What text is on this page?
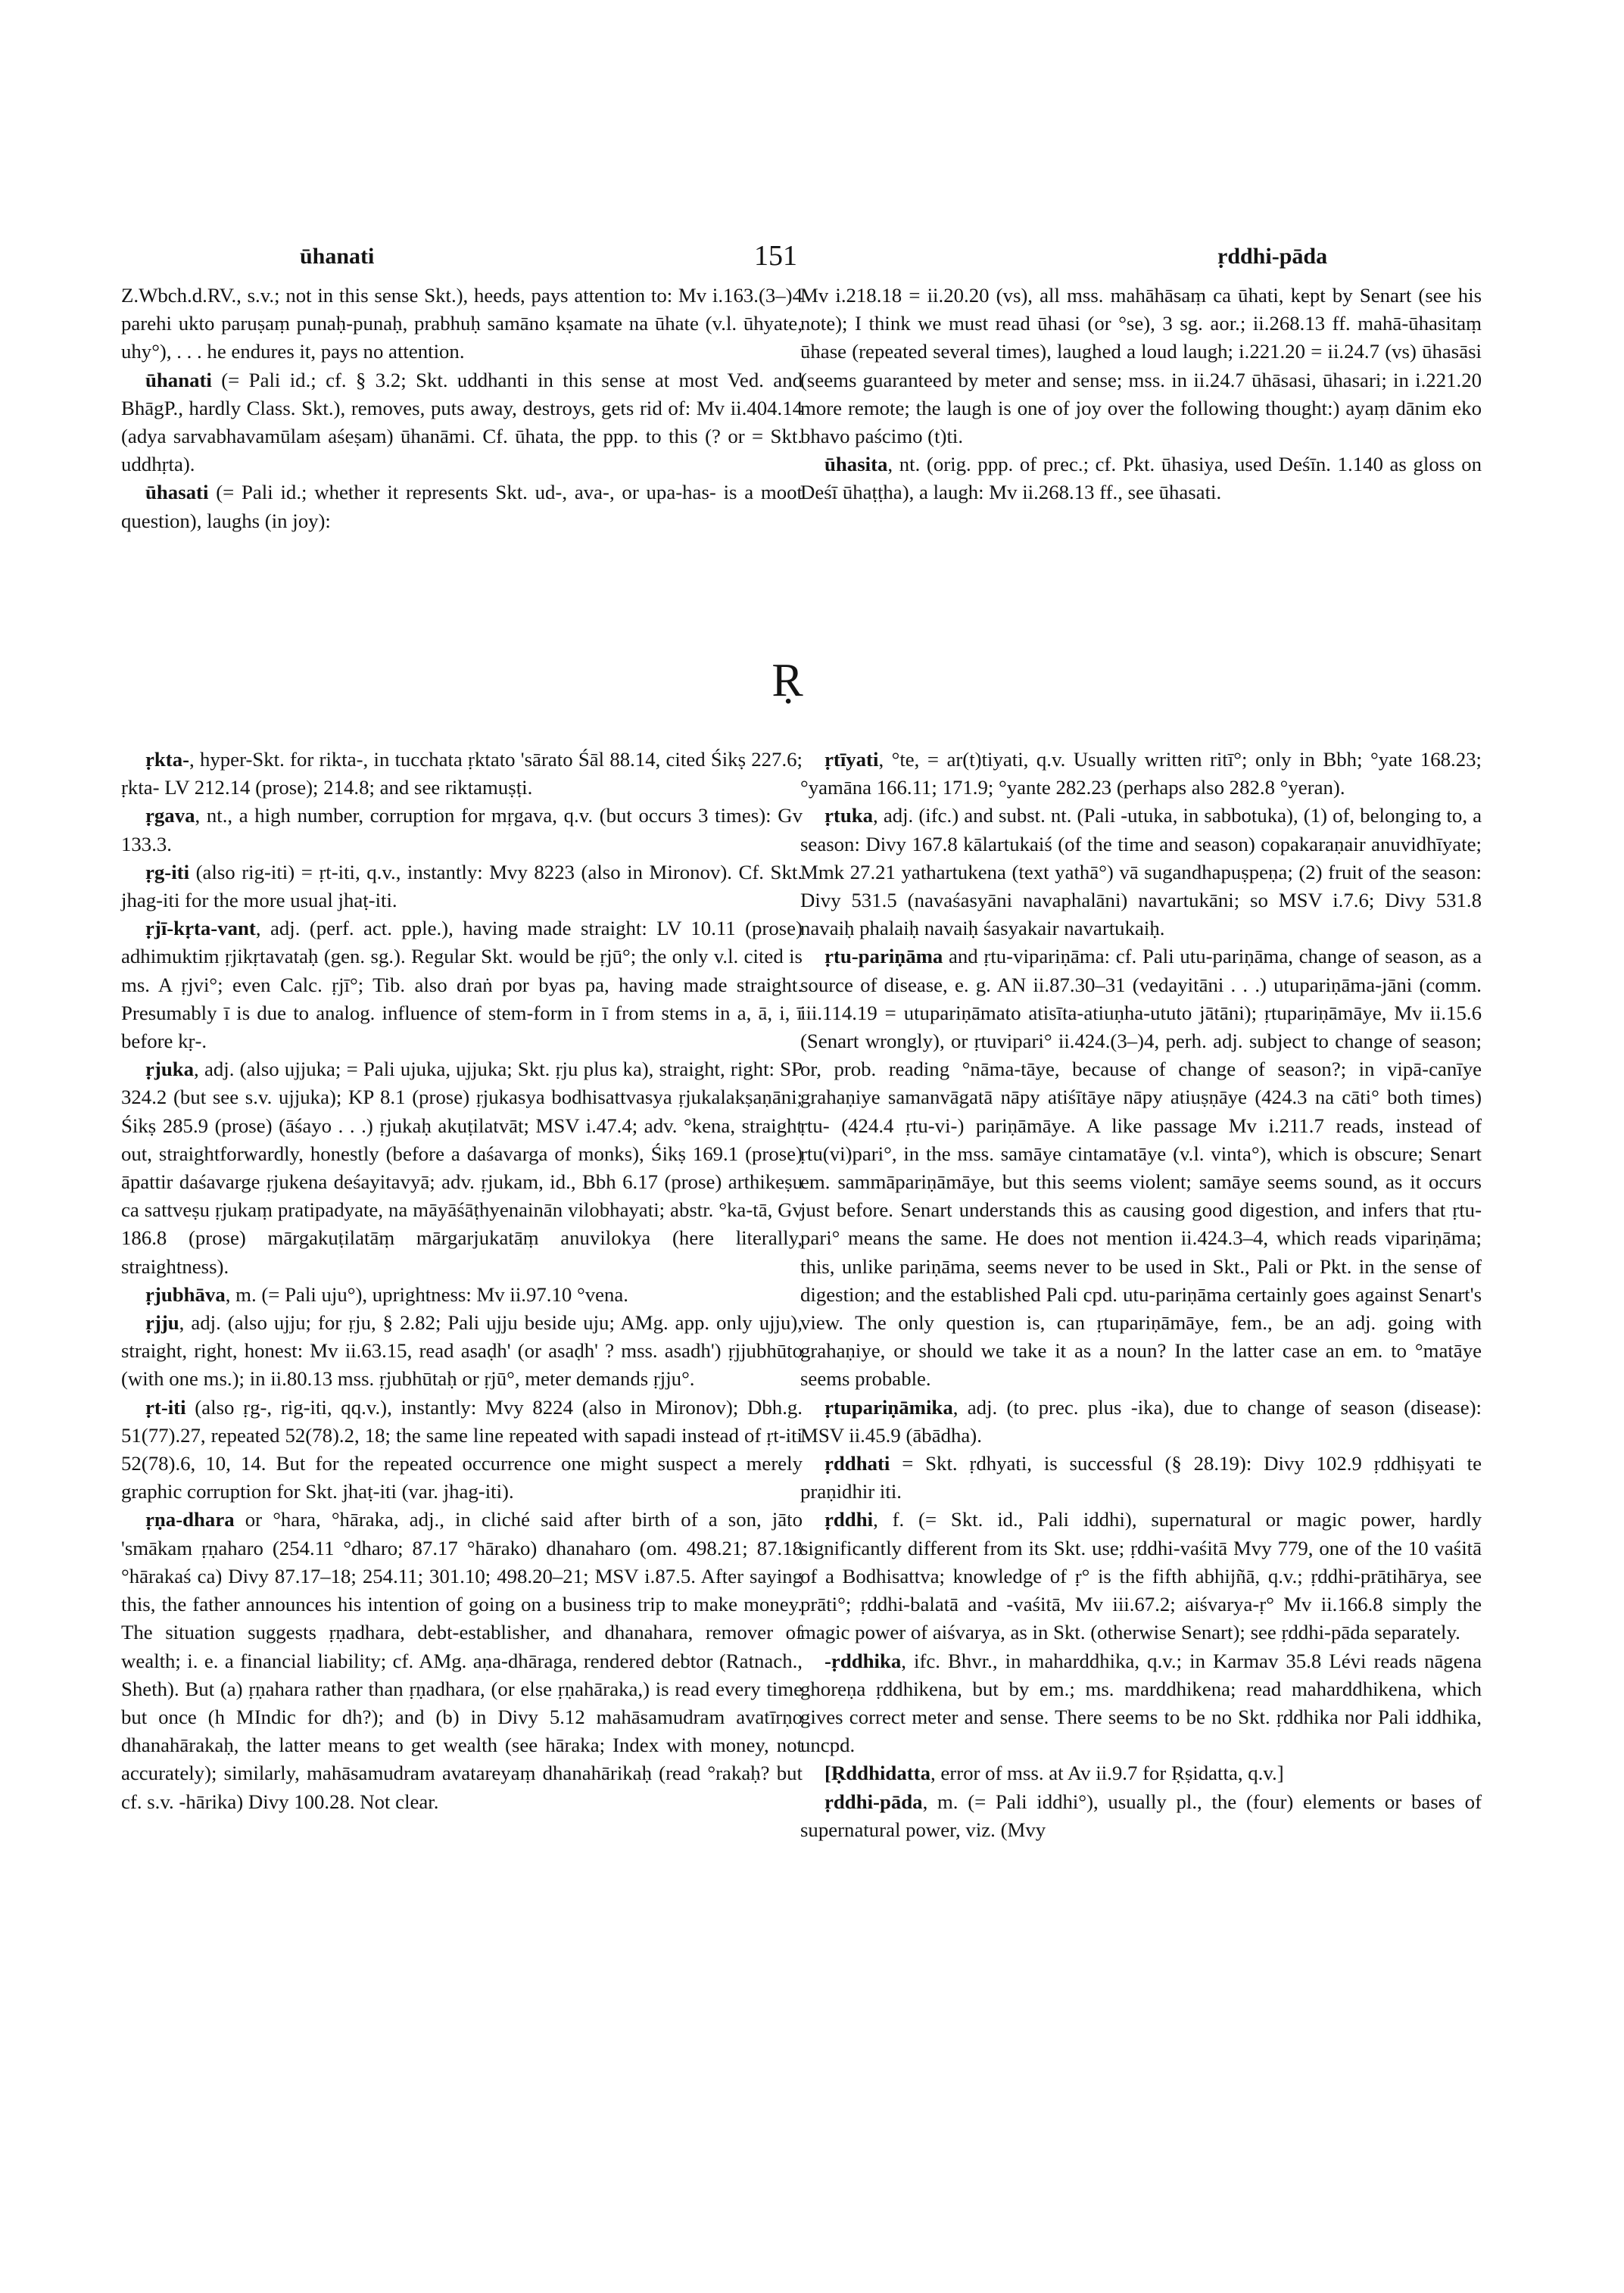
ūhanati	151	ṛddhi-pāda

Z.Wbch.d.RV., s.v.; not in this sense Skt.), heeds, pays attention to: Mv i.163.(3–)4 parehi ukto paruṣaṃ punaḥ-punaḥ, prabhuḥ samāno kṣamate na ūhate (v.l. ūhyate, uhy°), . . . he endures it, pays no attention.

ūhanati (= Pali id.; cf. § 3.2; Skt. uddhanti in this sense at most Ved. and BhāgP., hardly Class. Skt.), removes, puts away, destroys, gets rid of: Mv ii.404.14 (adya sarvabhavamūlam aśeṣam) ūhanāmi. Cf. ūhata, the ppp. to this (? or = Skt. uddhṛta).

ūhasati (= Pali id.; whether it represents Skt. ud-, ava-, or upa-has- is a moot question), laughs (in joy):

Mv i.218.18 = ii.20.20 (vs), all mss. mahāhāsaṃ ca ūhati, kept by Senart (see his note); I think we must read ūhasi (or °se), 3 sg. aor.; ii.268.13 ff. mahā-ūhasitaṃ ūhase (repeated several times), laughed a loud laugh; i.221.20 = ii.24.7 (vs) ūhasāsi (seems guaranteed by meter and sense; mss. in ii.24.7 ūhāsasi, ūhasari; in i.221.20 more remote; the laugh is one of joy over the following thought:) ayaṃ dānim eko bhavo paścimo (t)ti.

ūhasita, nt. (orig. ppp. of prec.; cf. Pkt. ūhasiya, used Deśīn. 1.140 as gloss on Deśī ūhaṭṭha), a laugh: Mv ii.268.13 ff., see ūhasati.

Ṛ

ṛkta-, hyper-Skt. for rikta-, in tucchata ṛktato 'sārato Śāl 88.14, cited Śikṣ 227.6; ṛkta- LV 212.14 (prose); 214.8; and see riktamuṣṭi.

ṛgava, nt., a high number, corruption for mṛgava, q.v. (but occurs 3 times): Gv 133.3.

ṛg-iti (also rig-iti) = ṛt-iti, q.v., instantly: Mvy 8223 (also in Mironov). Cf. Skt. jhag-iti for the more usual jhaṭ-iti.

ṛjī-kṛta-vant, adj. (perf. act. pple.), having made straight: LV 10.11 (prose) adhimuktim ṛjikṛtavataḥ (gen. sg.). Regular Skt. would be ṛjū°; the only v.l. cited is ms. A ṛjvi°; even Calc. ṛjī°; Tib. also draṅ por byas pa, having made straight. Presumably ī is due to analog. influence of stem-form in ī from stems in a, ā, i, ī before kṛ-.

ṛjuka, adj. (also ujjuka; = Pali ujuka, ujjuka; Skt. ṛju plus ka), straight, right: SP 324.2 (but see s.v. ujjuka); KP 8.1 (prose) ṛjukasya bodhisattvasya ṛjukalakṣaṇāni; Śikṣ 285.9 (prose) (āśayo . . .) ṛjukaḥ akuṭilatvāt; MSV i.47.4; adv. °kena, straight out, straightforwardly, honestly (before a daśavarga of monks), Śikṣ 169.1 (prose) āpattir daśavarge ṛjukena deśayitavyā; adv. ṛjukam, id., Bbh 6.17 (prose) arthikeṣu ca sattveṣu ṛjukaṃ pratipadyate, na māyāśāṭhyenainān vilobhayati; abstr. °ka-tā, Gv 186.8 (prose) mārgakuṭilatāṃ mārgarjukatāṃ anuvilokya (here literally, straightness).

ṛjubhāva, m. (= Pali uju°), uprightness: Mv ii.97.10 °vena.

ṛjju, adj. (also ujju; for ṛju, § 2.82; Pali ujju beside uju; AMg. app. only ujju), straight, right, honest: Mv ii.63.15, read asaḍh' (or asaḍh' ? mss. asadh') ṛjjubhūto (with one ms.); in ii.80.13 mss. ṛjubhūtaḥ or ṛjū°, meter demands ṛjju°.

ṛt-iti (also ṛg-, rig-iti, qq.v.), instantly: Mvy 8224 (also in Mironov); Dbh.g. 51(77).27, repeated 52(78).2, 18; the same line repeated with sapadi instead of ṛt-iti 52(78).6, 10, 14. But for the repeated occurrence one might suspect a merely graphic corruption for Skt. jhaṭ-iti (var. jhag-iti).

ṛṇa-dhara or °hara, °hāraka, adj., in cliché said after birth of a son, jāto 'smākam ṛṇaharo (254.11 °dharo; 87.17 °hārako) dhanaharo (om. 498.21; 87.18 °hārakaś ca) Divy 87.17–18; 254.11; 301.10; 498.20–21; MSV i.87.5. After saying this, the father announces his intention of going on a business trip to make money. The situation suggests ṛṇadhara, debt-establisher, and dhanahara, remover of wealth; i. e. a financial liability; cf. AMg. aṇa-dhāraga, rendered debtor (Ratnach., Sheth). But (a) ṛṇahara rather than ṛṇadhara, (or else ṛṇahāraka,) is read every time but once (h MIndic for dh?); and (b) in Divy 5.12 mahāsamudram avatīrṇo dhanahārakaḥ, the latter means to get wealth (see hāraka; Index with money, not accurately); similarly, mahāsamudram avatareyaṃ dhanahārikaḥ (read °rakaḥ? but cf. s.v. -hārika) Divy 100.28. Not clear.

ṛtīyati, °te, = ar(t)tiyati, q.v. Usually written ritī°; only in Bbh; °yate 168.23; °yamāna 166.11; 171.9; °yante 282.23 (perhaps also 282.8 °yeran).

ṛtuka, adj. (ifc.) and subst. nt. (Pali -utuka, in sabbotuka), (1) of, belonging to, a season: Divy 167.8 kālartukaiś (of the time and season) copakaraṇair anuvidhīyate; Mmk 27.21 yathartukena (text yathā°) vā sugandhapuṣpeṇa; (2) fruit of the season: Divy 531.5 (navaśasyāni navaphalāni) navartukāni; so MSV i.7.6; Divy 531.8 navaiḥ phalaiḥ navaiḥ śasyakair navartukaiḥ.

ṛtu-pariṇāma and ṛtu-vipariṇāma: cf. Pali utu-pariṇāma, change of season, as a source of disease, e. g. AN ii.87.30–31 (vedayitāni . . .) utupariṇāma-jāni (comm. iii.114.19 = utupariṇāmato atisīta-atiuṇha-ututo jātāni); ṛtupariṇāmāye, Mv ii.15.6 (Senart wrongly), or ṛtuvipari° ii.424.(3–)4, perh. adj. subject to change of season; or, prob. reading °nāma-tāye, because of change of season?; in vipā-canīye grahaṇiye samanvāgatā nāpy atiśītāye nāpy atiuṣṇāye (424.3 na cāti° both times) ṛtu- (424.4 ṛtu-vi-) pariṇāmāye. A like passage Mv i.211.7 reads, instead of ṛtu(vi)pari°, in the mss. samāye cintamatāye (v.l. vinta°), which is obscure; Senart em. sammāpariṇāmāye, but this seems violent; samāye seems sound, as it occurs just before. Senart understands this as causing good digestion, and infers that ṛtu-pari° means the same. He does not mention ii.424.3–4, which reads vipariṇāma; this, unlike pariṇāma, seems never to be used in Skt., Pali or Pkt. in the sense of digestion; and the established Pali cpd. utu-pariṇāma certainly goes against Senart's view. The only question is, can ṛtupariṇāmāye, fem., be an adj. going with grahaṇiye, or should we take it as a noun? In the latter case an em. to °matāye seems probable.

ṛtupariṇāmika, adj. (to prec. plus -ika), due to change of season (disease): MSV ii.45.9 (ābādha).

ṛddhati = Skt. ṛdhyati, is successful (§ 28.19): Divy 102.9 ṛddhiṣyati te praṇidhir iti.

ṛddhi, f. (= Skt. id., Pali iddhi), supernatural or magic power, hardly significantly different from its Skt. use; ṛddhi-vaśitā Mvy 779, one of the 10 vaśitā of a Bodhisattva; knowledge of ṛ° is the fifth abhijñā, q.v.; ṛddhi-prātihārya, see prāti°; ṛddhi-balatā and -vaśitā, Mv iii.67.2; aiśvarya-ṛ° Mv ii.166.8 simply the magic power of aiśvarya, as in Skt. (otherwise Senart); see ṛddhi-pāda separately.

-ṛddhika, ifc. Bhvr., in maharddhika, q.v.; in Karmav 35.8 Lévi reads nāgena ghoreṇa ṛddhikena, but by em.; ms. marddhikena; read maharddhikena, which gives correct meter and sense. There seems to be no Skt. ṛddhika nor Pali iddhika, uncpd.

[Ṛddhidatta, error of mss. at Av ii.9.7 for Ṛṣidatta, q.v.]

ṛddhi-pāda, m. (= Pali iddhi°), usually pl., the (four) elements or bases of supernatural power, viz. (Mvy
